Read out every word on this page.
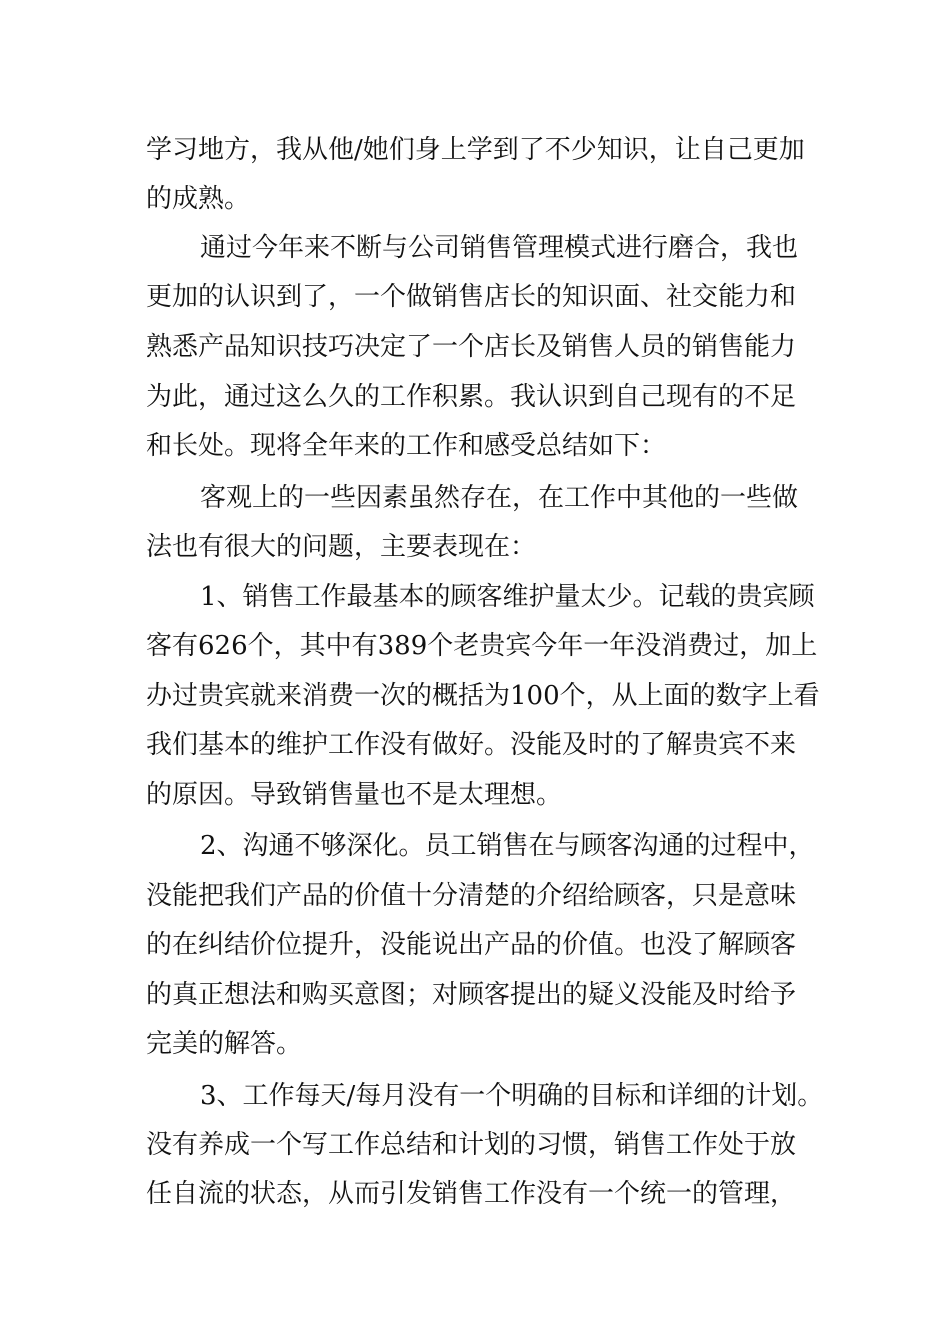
学习地方，我从他/她们身上学到了不少知识，让自己更加
的成熟。
通过今年来不断与公司销售管理模式进行磨合，我也
更加的认识到了，一个做销售店长的知识面、社交能力和
熟悉产品知识技巧决定了一个店长及销售人员的销售能力
为此，通过这么久的工作积累。我认识到自己现有的不足
和长处。现将全年来的工作和感受总结如下：
客观上的一些因素虽然存在，在工作中其他的一些做
法也有很大的问题，主要表现在：
1、销售工作最基本的顾客维护量太少。记载的贵宾顾
客有626个，其中有389个老贵宾今年一年没消费过，加上
办过贵宾就来消费一次的概括为100个，从上面的数字上看
我们基本的维护工作没有做好。没能及时的了解贵宾不来
的原因。导致销售量也不是太理想。
2、沟通不够深化。员工销售在与顾客沟通的过程中，
没能把我们产品的价值十分清楚的介绍给顾客，只是意味
的在纠结价位提升，没能说出产品的价值。也没了解顾客
的真正想法和购买意图；对顾客提出的疑义没能及时给予
完美的解答。
3、工作每天/每月没有一个明确的目标和详细的计划。
没有养成一个写工作总结和计划的习惯，销售工作处于放
任自流的状态，从而引发销售工作没有一个统一的管理，
